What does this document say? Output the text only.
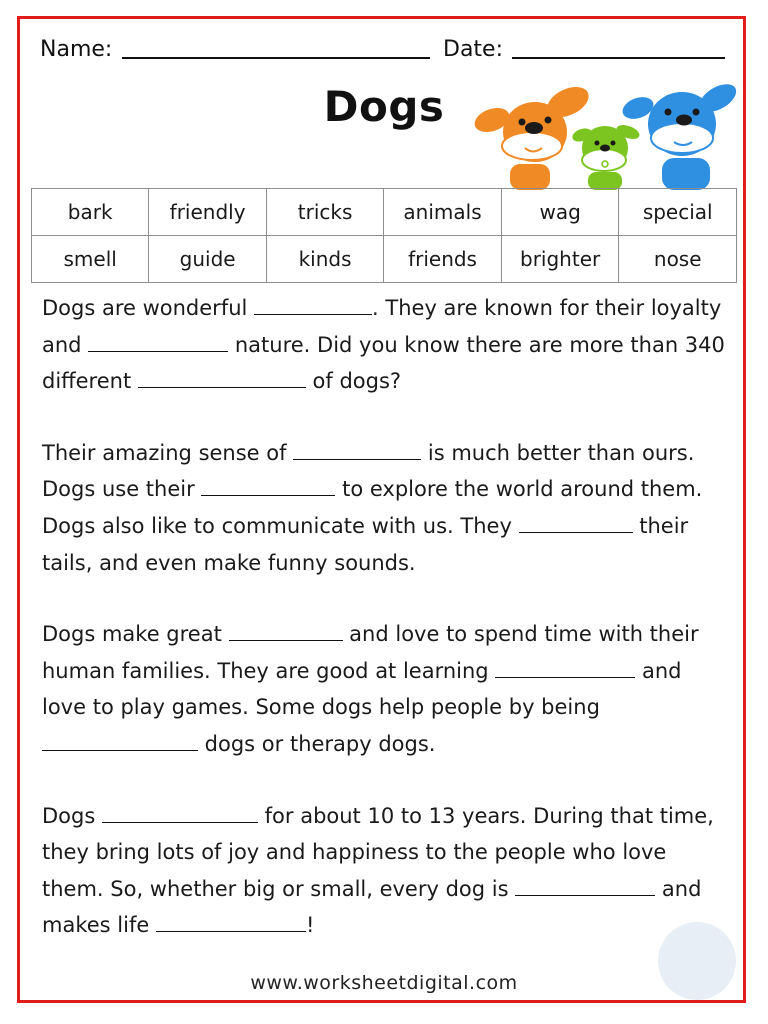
Name:	Date:
Dogs
bark	friendly	tricks	animals	wag	special
smell	guide	kinds	friends	brighter	nose

Dogs are wonderful	. They are known for their loyalty and	nature. Did you know there are more than 340 different	of dogs?

Their amazing sense of	is much better than ours. Dogs use their	to explore the world around them. Dogs also like to communicate with us. They	their tails, and even make funny sounds.

Dogs make great	and love to spend time with their human families. They are good at learning	and love to play games. Some dogs help people by being  dogs or therapy dogs.

Dogs	for about 10 to 13 years. During that time, they bring lots of joy and happiness to the people who love them. So, whether big or small, every dog is	and makes life	!

www.worksheetdigital.com
